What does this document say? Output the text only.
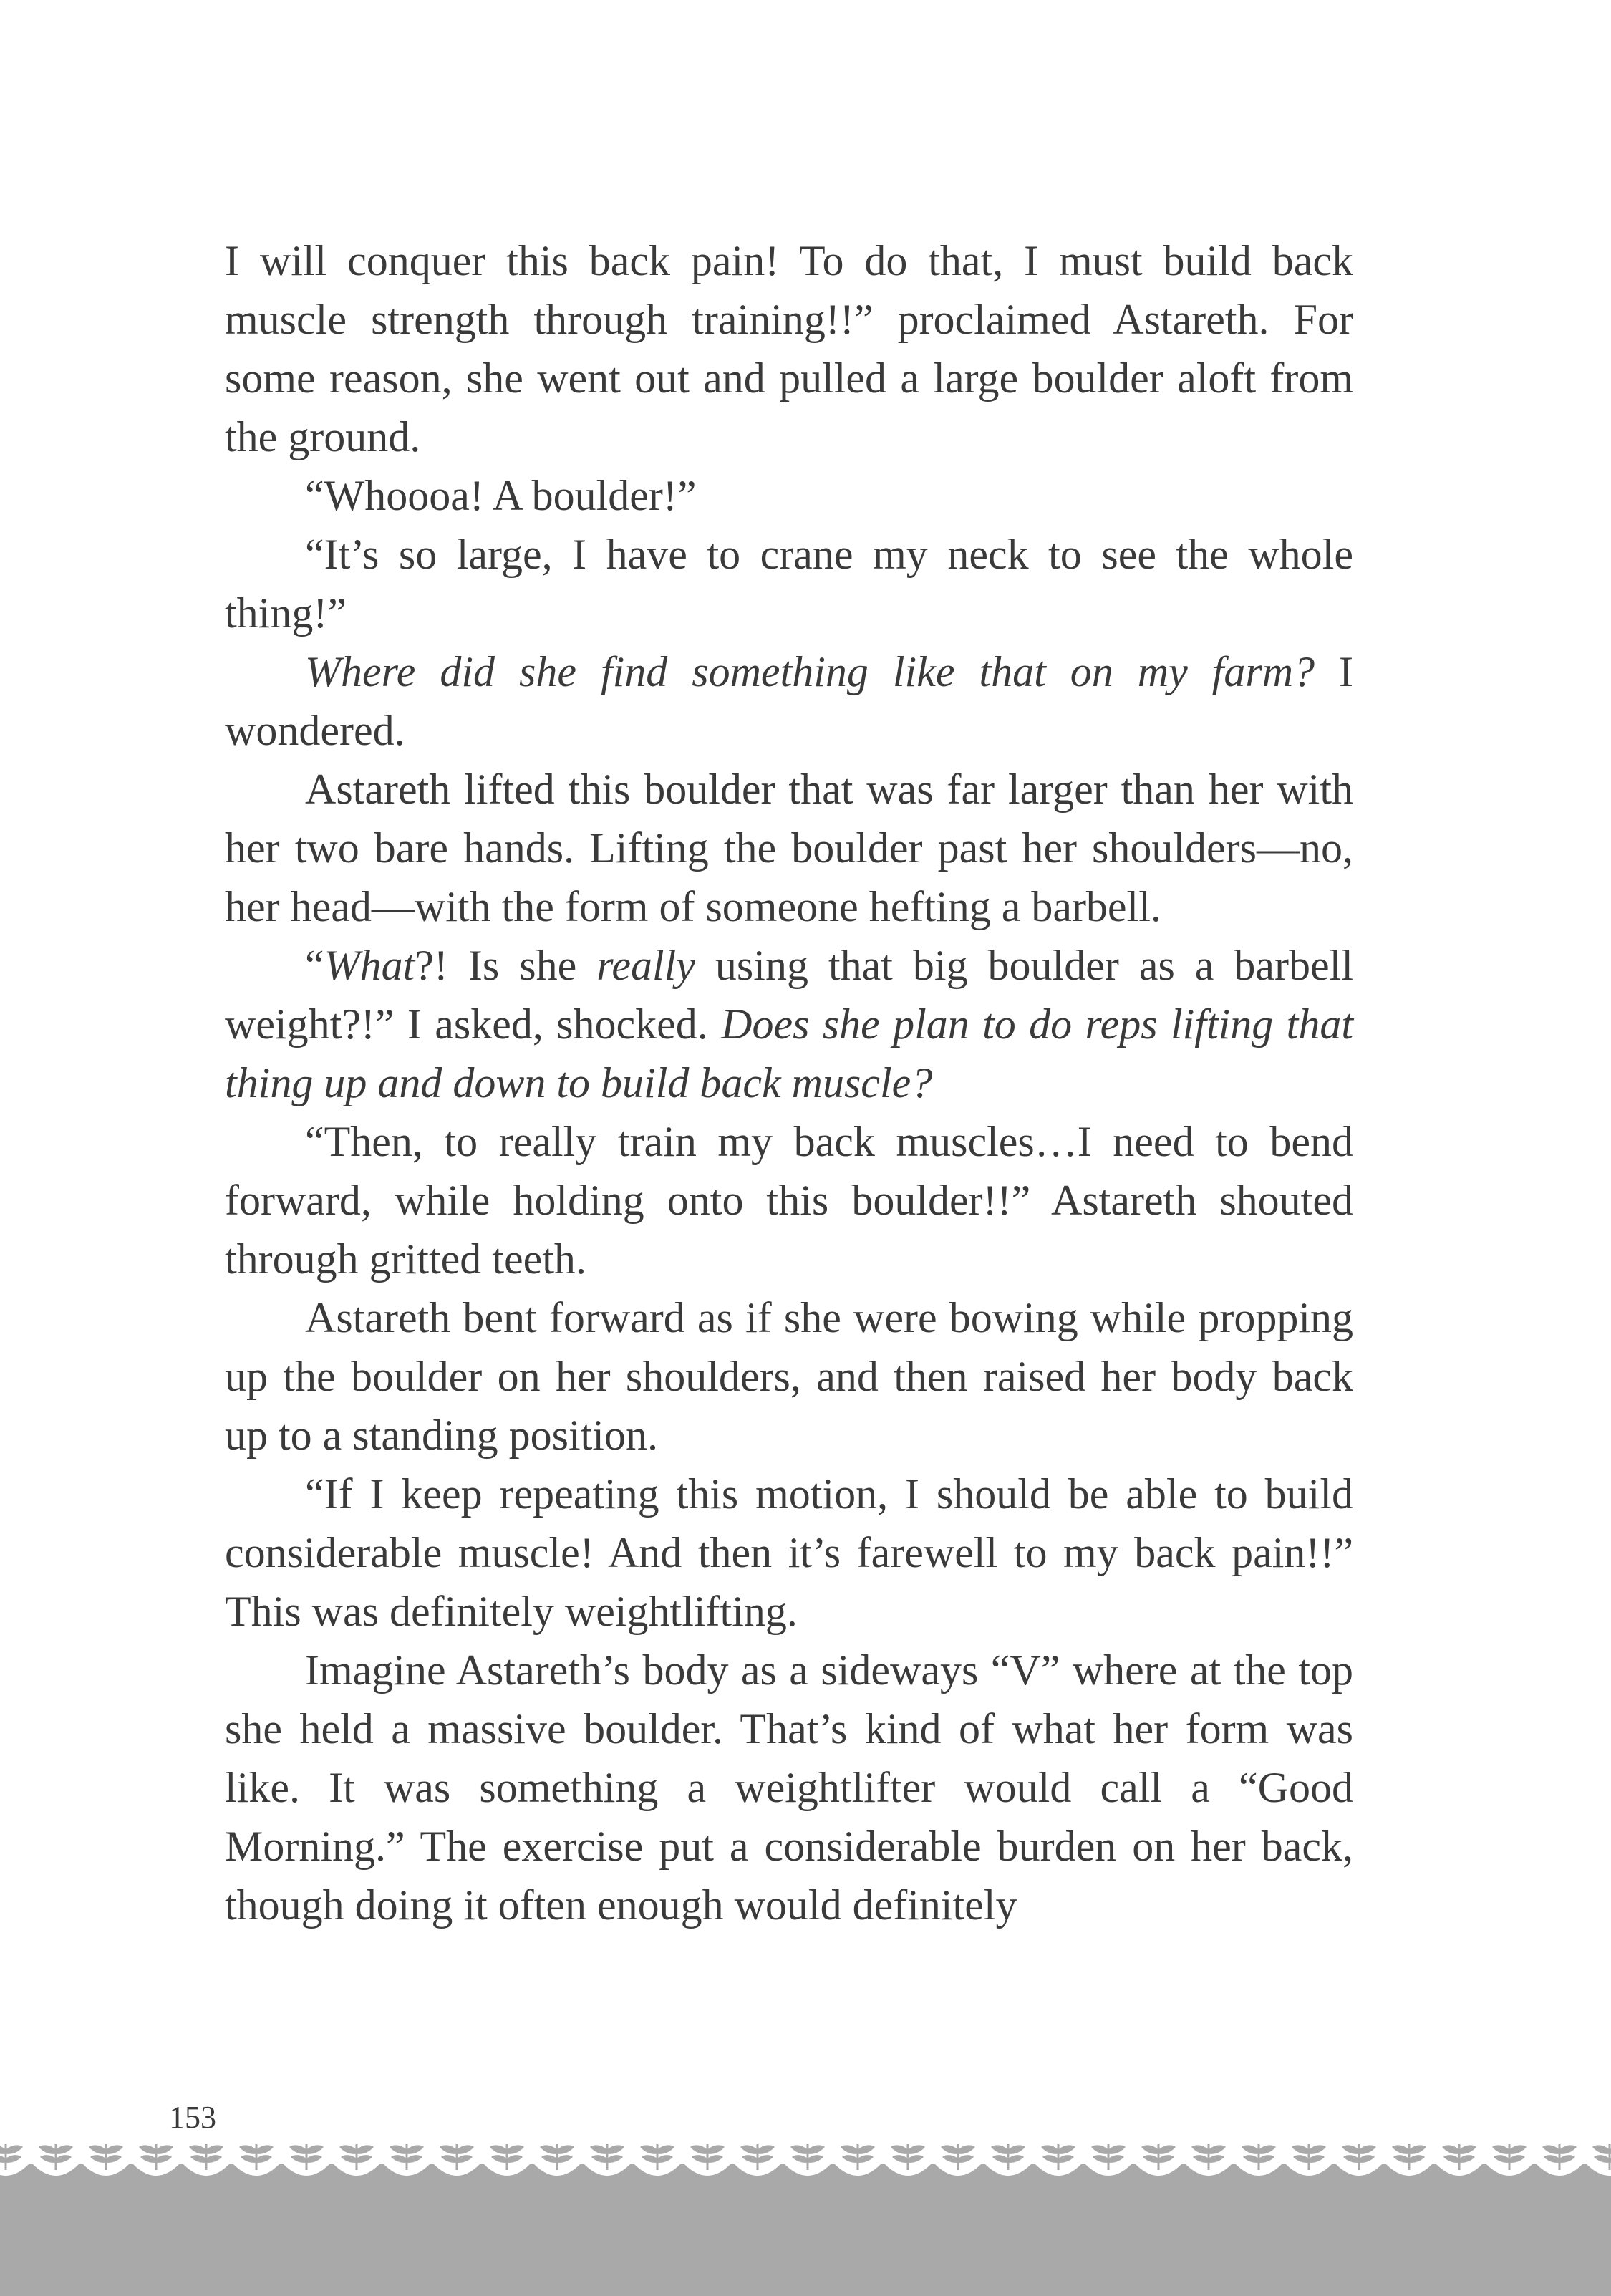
I will conquer this back pain! To do that, I must build back muscle strength through training!!” proclaimed Astareth. For some reason, she went out and pulled a large boulder aloft from the ground.

“Whoooa! A boulder!”

“It’s so large, I have to crane my neck to see the whole thing!”

Where did she find something like that on my farm? I wondered.

Astareth lifted this boulder that was far larger than her with her two bare hands. Lifting the boulder past her shoulders—no, her head—with the form of someone hefting a barbell.

“What?! Is she really using that big boulder as a barbell weight?!” I asked, shocked. Does she plan to do reps lifting that thing up and down to build back muscle?

“Then, to really train my back muscles…I need to bend forward, while holding onto this boulder!!” Astareth shouted through gritted teeth.

Astareth bent forward as if she were bowing while propping up the boulder on her shoulders, and then raised her body back up to a standing position.

“If I keep repeating this motion, I should be able to build considerable muscle! And then it’s farewell to my back pain!!” This was definitely weightlifting.

Imagine Astareth’s body as a sideways “V” where at the top she held a massive boulder. That’s kind of what her form was like. It was something a weightlifter would call a “Good Morning.” The exercise put a considerable burden on her back, though doing it often enough would definitely

153
